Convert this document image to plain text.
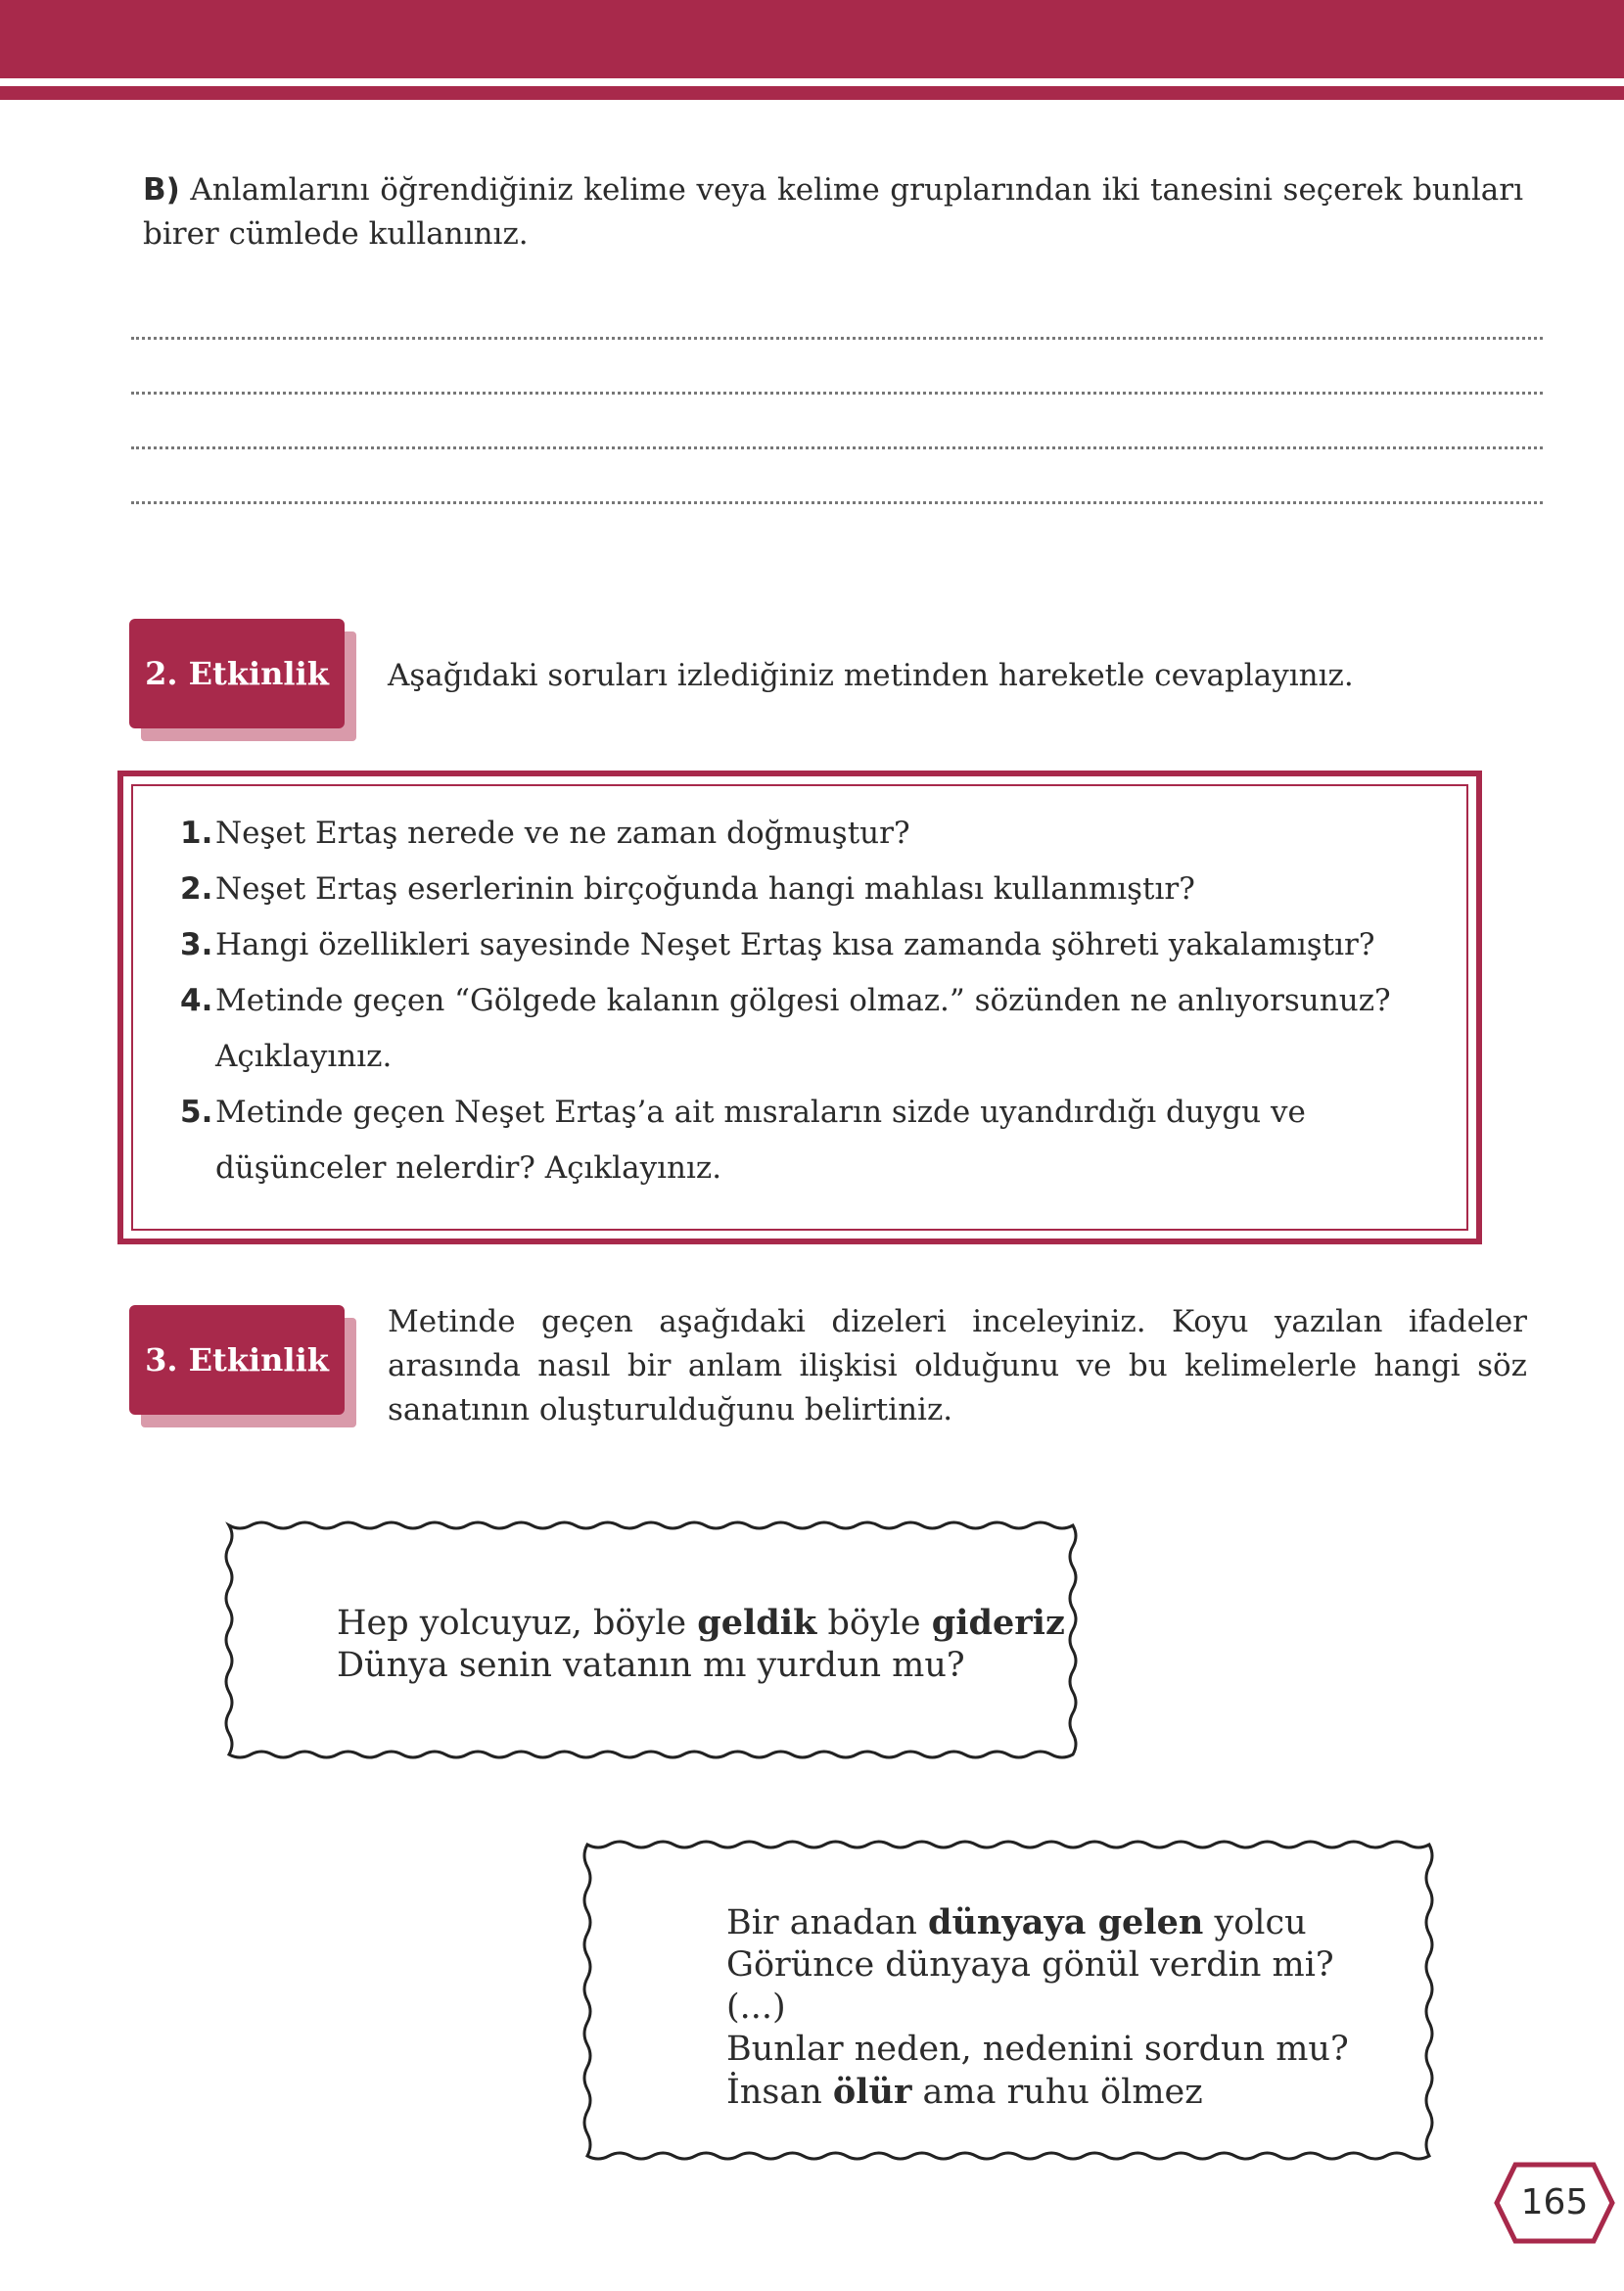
B) Anlamlarını öğrendiğiniz kelime veya kelime gruplarından iki tanesini seçerek bunları birer cümlede kullanınız.
2. Etkinlik	Aşağıdaki soruları izlediğiniz metinden hareketle cevaplayınız.
1. Neşet Ertaş nerede ve ne zaman doğmuştur?
2. Neşet Ertaş eserlerinin birçoğunda hangi mahlası kullanmıştır?
3. Hangi özellikleri sayesinde Neşet Ertaş kısa zamanda şöhreti yakalamıştır?
4. Metinde geçen “Gölgede kalanın gölgesi olmaz.” sözünden ne anlıyorsunuz? Açıklayınız.
5. Metinde geçen Neşet Ertaş’a ait mısraların sizde uyandırdığı duygu ve düşünceler nelerdir? Açıklayınız.
3. Etkinlik
Metinde geçen aşağıdaki dizeleri inceleyiniz. Koyu yazılan ifadeler arasında nasıl bir anlam ilişkisi olduğunu ve bu kelimelerle hangi söz sanatının oluşturulduğunu belirtiniz.
Hep yolcuyuz, böyle geldik böyle gideriz
Dünya senin vatanın mı yurdun mu?
Bir anadan dünyaya gelen yolcu
Görünce dünyaya gönül verdin mi?
(...)
Bunlar neden, nedenini sordun mu?
İnsan ölür ama ruhu ölmez
165
